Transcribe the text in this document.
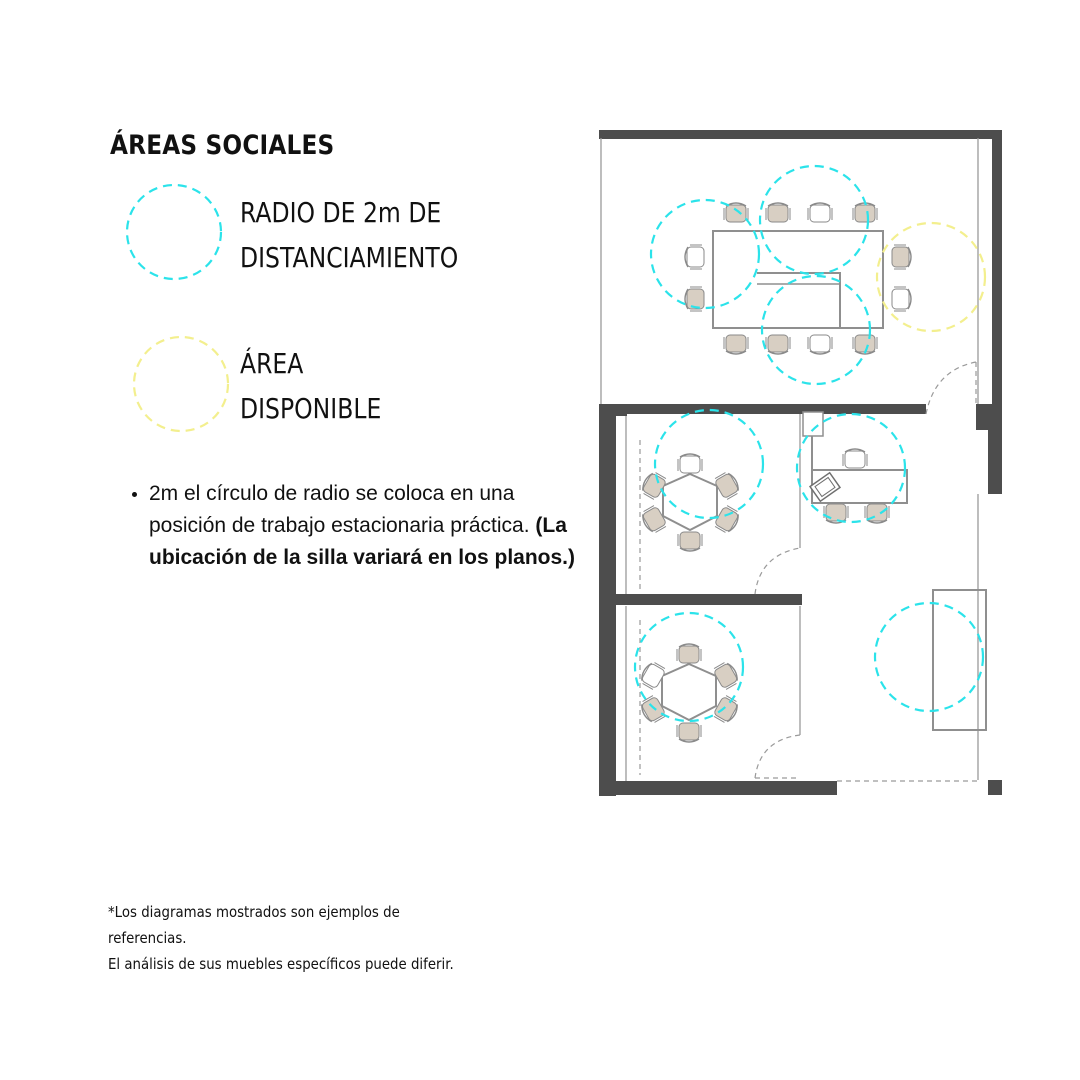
ÁREAS SOCIALES
RADIO DE 2m DE
DISTANCIAMIENTO
ÁREA
DISPONIBLE
• 2m el círculo de radio se coloca en una posición de trabajo estacionaria práctica. (La ubicación de la silla variará en los planos.)
*Los diagramas mostrados son ejemplos de
referencias.
El análisis de sus muebles específicos puede diferir.
